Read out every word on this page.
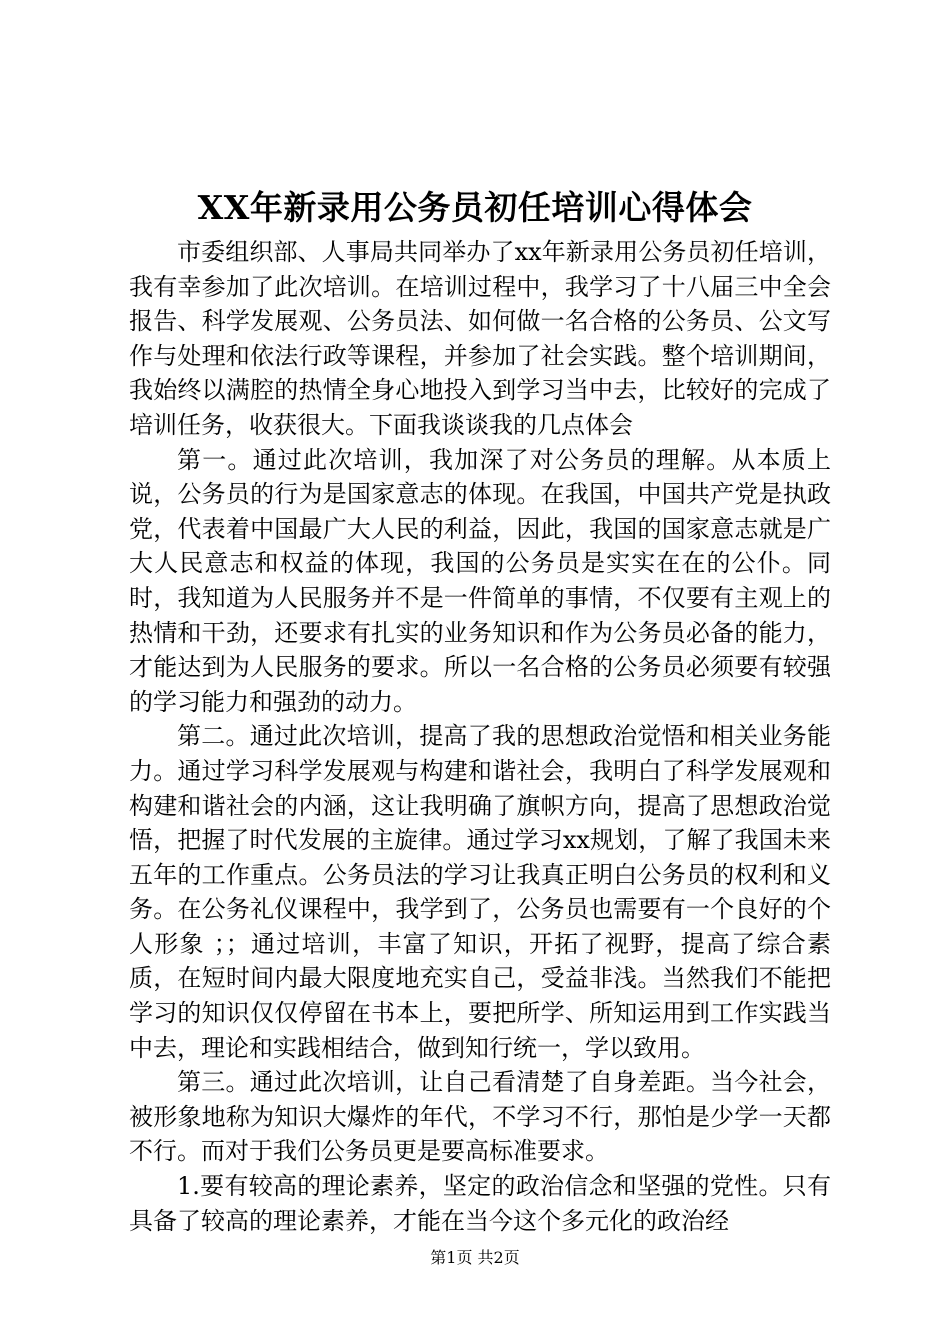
XX年新录用公务员初任培训心得体会

市委组织部、人事局共同举办了xx年新录用公务员初任培训，我有幸参加了此次培训。在培训过程中，我学习了十八届三中全会报告、科学发展观、公务员法、如何做一名合格的公务员、公文写作与处理和依法行政等课程，并参加了社会实践。整个培训期间，我始终以满腔的热情全身心地投入到学习当中去，比较好的完成了培训任务，收获很大。下面我谈谈我的几点体会

第一。通过此次培训，我加深了对公务员的理解。从本质上说，公务员的行为是国家意志的体现。在我国，中国共产党是执政党，代表着中国最广大人民的利益，因此，我国的国家意志就是广大人民意志和权益的体现，我国的公务员是实实在在的公仆。同时，我知道为人民服务并不是一件简单的事情，不仅要有主观上的热情和干劲，还要求有扎实的业务知识和作为公务员必备的能力，才能达到为人民服务的要求。所以一名合格的公务员必须要有较强的学习能力和强劲的动力。

第二。通过此次培训，提高了我的思想政治觉悟和相关业务能力。通过学习科学发展观与构建和谐社会，我明白了科学发展观和构建和谐社会的内涵，这让我明确了旗帜方向，提高了思想政治觉悟，把握了时代发展的主旋律。通过学习xx规划，了解了我国未来五年的工作重点。公务员法的学习让我真正明白公务员的权利和义务。在公务礼仪课程中，我学到了，公务员也需要有一个良好的个人形象 ；；通过培训，丰富了知识，开拓了视野，提高了综合素质，在短时间内最大限度地充实自己，受益非浅。当然我们不能把学习的知识仅仅停留在书本上，要把所学、所知运用到工作实践当中去，理论和实践相结合，做到知行统一，学以致用。

第三。通过此次培训，让自己看清楚了自身差距。当今社会，被形象地称为知识大爆炸的年代，不学习不行，那怕是少学一天都不行。而对于我们公务员更是要高标准要求。

1.要有较高的理论素养，坚定的政治信念和坚强的党性。只有具备了较高的理论素养，才能在当今这个多元化的政治经

第1页 共2页
